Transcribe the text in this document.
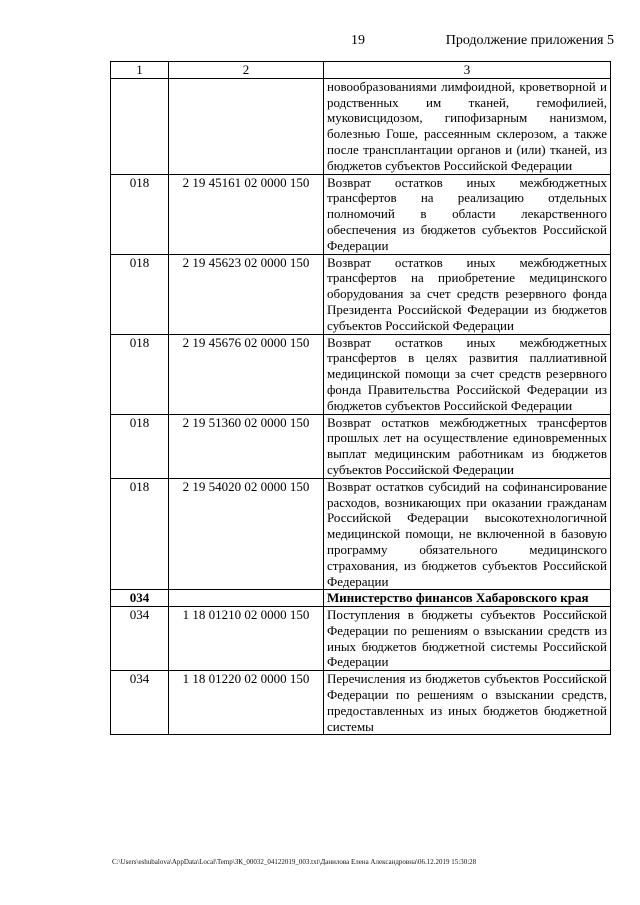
19	Продолжение приложения 5
1	2	3
		новообразованиями лимфоидной, кроветворной и родственных им тканей, гемофилией, муковисцидозом, гипофизарным нанизмом, болезнью Гоше, рассеянным склерозом, а также после трансплантации органов и (или) тканей, из бюджетов субъектов Российской Федерации
018	2 19 45161 02 0000 150	Возврат остатков иных межбюджетных трансфертов на реализацию отдельных полномочий в области лекарственного обеспечения из бюджетов субъектов Российской Федерации
018	2 19 45623 02 0000 150	Возврат остатков иных межбюджетных трансфертов на приобретение медицинского оборудования за счет средств резервного фонда Президента Российской Федерации из бюджетов субъектов Российской Федерации
018	2 19 45676 02 0000 150	Возврат остатков иных межбюджетных трансфертов в целях развития паллиативной медицинской помощи за счет средств резервного фонда Правительства Российской Федерации из бюджетов субъектов Российской Федерации
018	2 19 51360 02 0000 150	Возврат остатков межбюджетных трансфертов прошлых лет на осуществление единовременных выплат медицинским работникам из бюджетов субъектов Российской Федерации
018	2 19 54020 02 0000 150	Возврат остатков субсидий на софинансирование расходов, возникающих при оказании гражданам Российской Федерации высокотехнологичной медицинской помощи, не включенной в базовую программу обязательного медицинского страхования, из бюджетов субъектов Российской Федерации
034		Министерство финансов Хабаровского края
034	1 18 01210 02 0000 150	Поступления в бюджеты субъектов Российской Федерации по решениям о взыскании средств из иных бюджетов бюджетной системы Российской Федерации
034	1 18 01220 02 0000 150	Перечисления из бюджетов субъектов Российской Федерации по решениям о взыскании средств, предоставленных из иных бюджетов бюджетной системы
C:\Users\eshubalova\AppData\Local\Temp\ЗК_00032_04122019_003.txt\Данилова Елена Александровна\06.12.2019 15:30:28
